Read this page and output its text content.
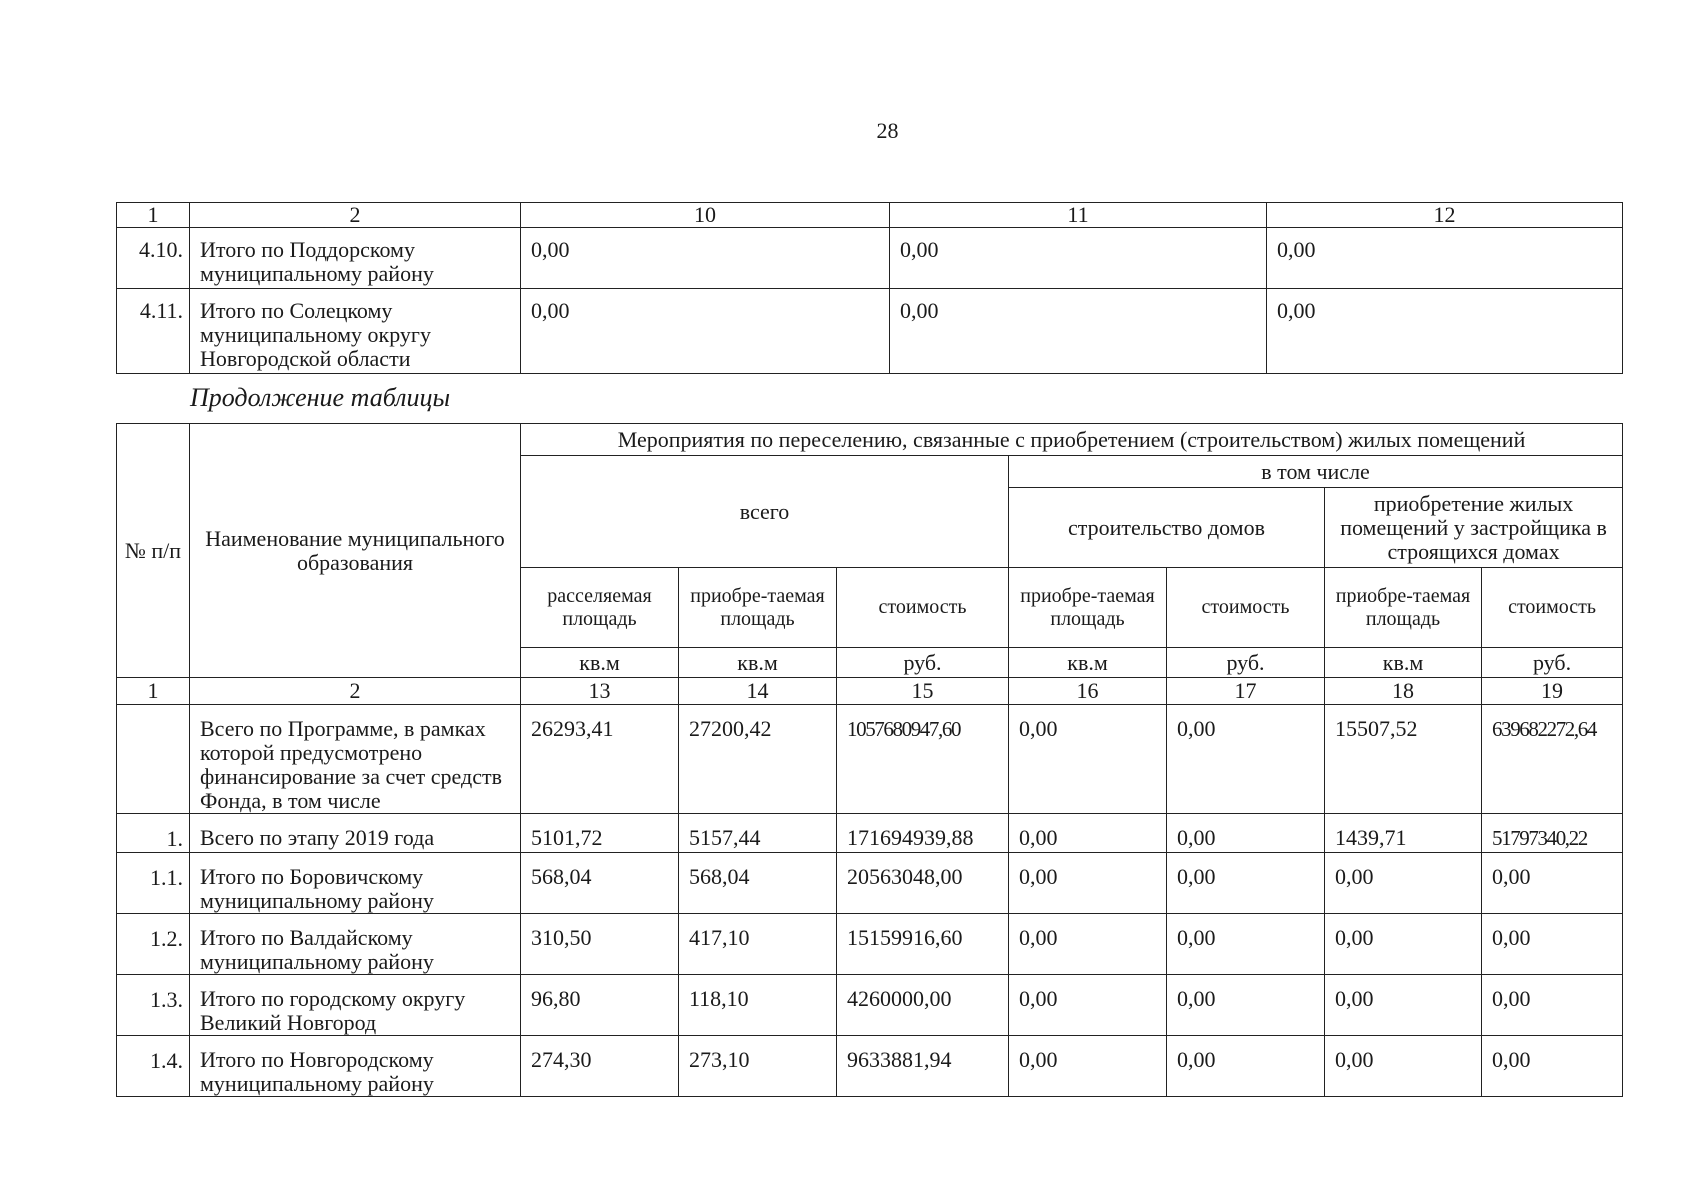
28
1	2	10	11	12
4.10.	Итого по Поддорскому муниципальному району	0,00	0,00	0,00
4.11.	Итого по Солецкому муниципальному округу Новгородской области	0,00	0,00	0,00
Продолжение таблицы
№ п/п	Наименование муниципального образования	Мероприятия по переселению, связанные с приобретением (строительством) жилых помещений						
		всего			в том числе			
					строительство домов		приобретение жилых помещений у застройщика в строящихся домах	
		расселяемая площадь	приобре-таемая площадь	стоимость	приобре-таемая площадь	стоимость	приобре-таемая площадь	стоимость
		кв.м	кв.м	руб.	кв.м	руб.	кв.м	руб.
1	2	13	14	15	16	17	18	19
	Всего по Программе, в рамках которой предусмотрено финансирование за счет средств Фонда, в том числе	26293,41	27200,42	1057680947,60	0,00	0,00	15507,52	639682272,64
1.	Всего по этапу 2019 года	5101,72	5157,44	171694939,88	0,00	0,00	1439,71	51797340,22
1.1.	Итого по Боровичскому муниципальному району	568,04	568,04	20563048,00	0,00	0,00	0,00	0,00
1.2.	Итого по Валдайскому муниципальному району	310,50	417,10	15159916,60	0,00	0,00	0,00	0,00
1.3.	Итого по городскому округу Великий Новгород	96,80	118,10	4260000,00	0,00	0,00	0,00	0,00
1.4.	Итого по Новгородскому муниципальному району	274,30	273,10	9633881,94	0,00	0,00	0,00	0,00
